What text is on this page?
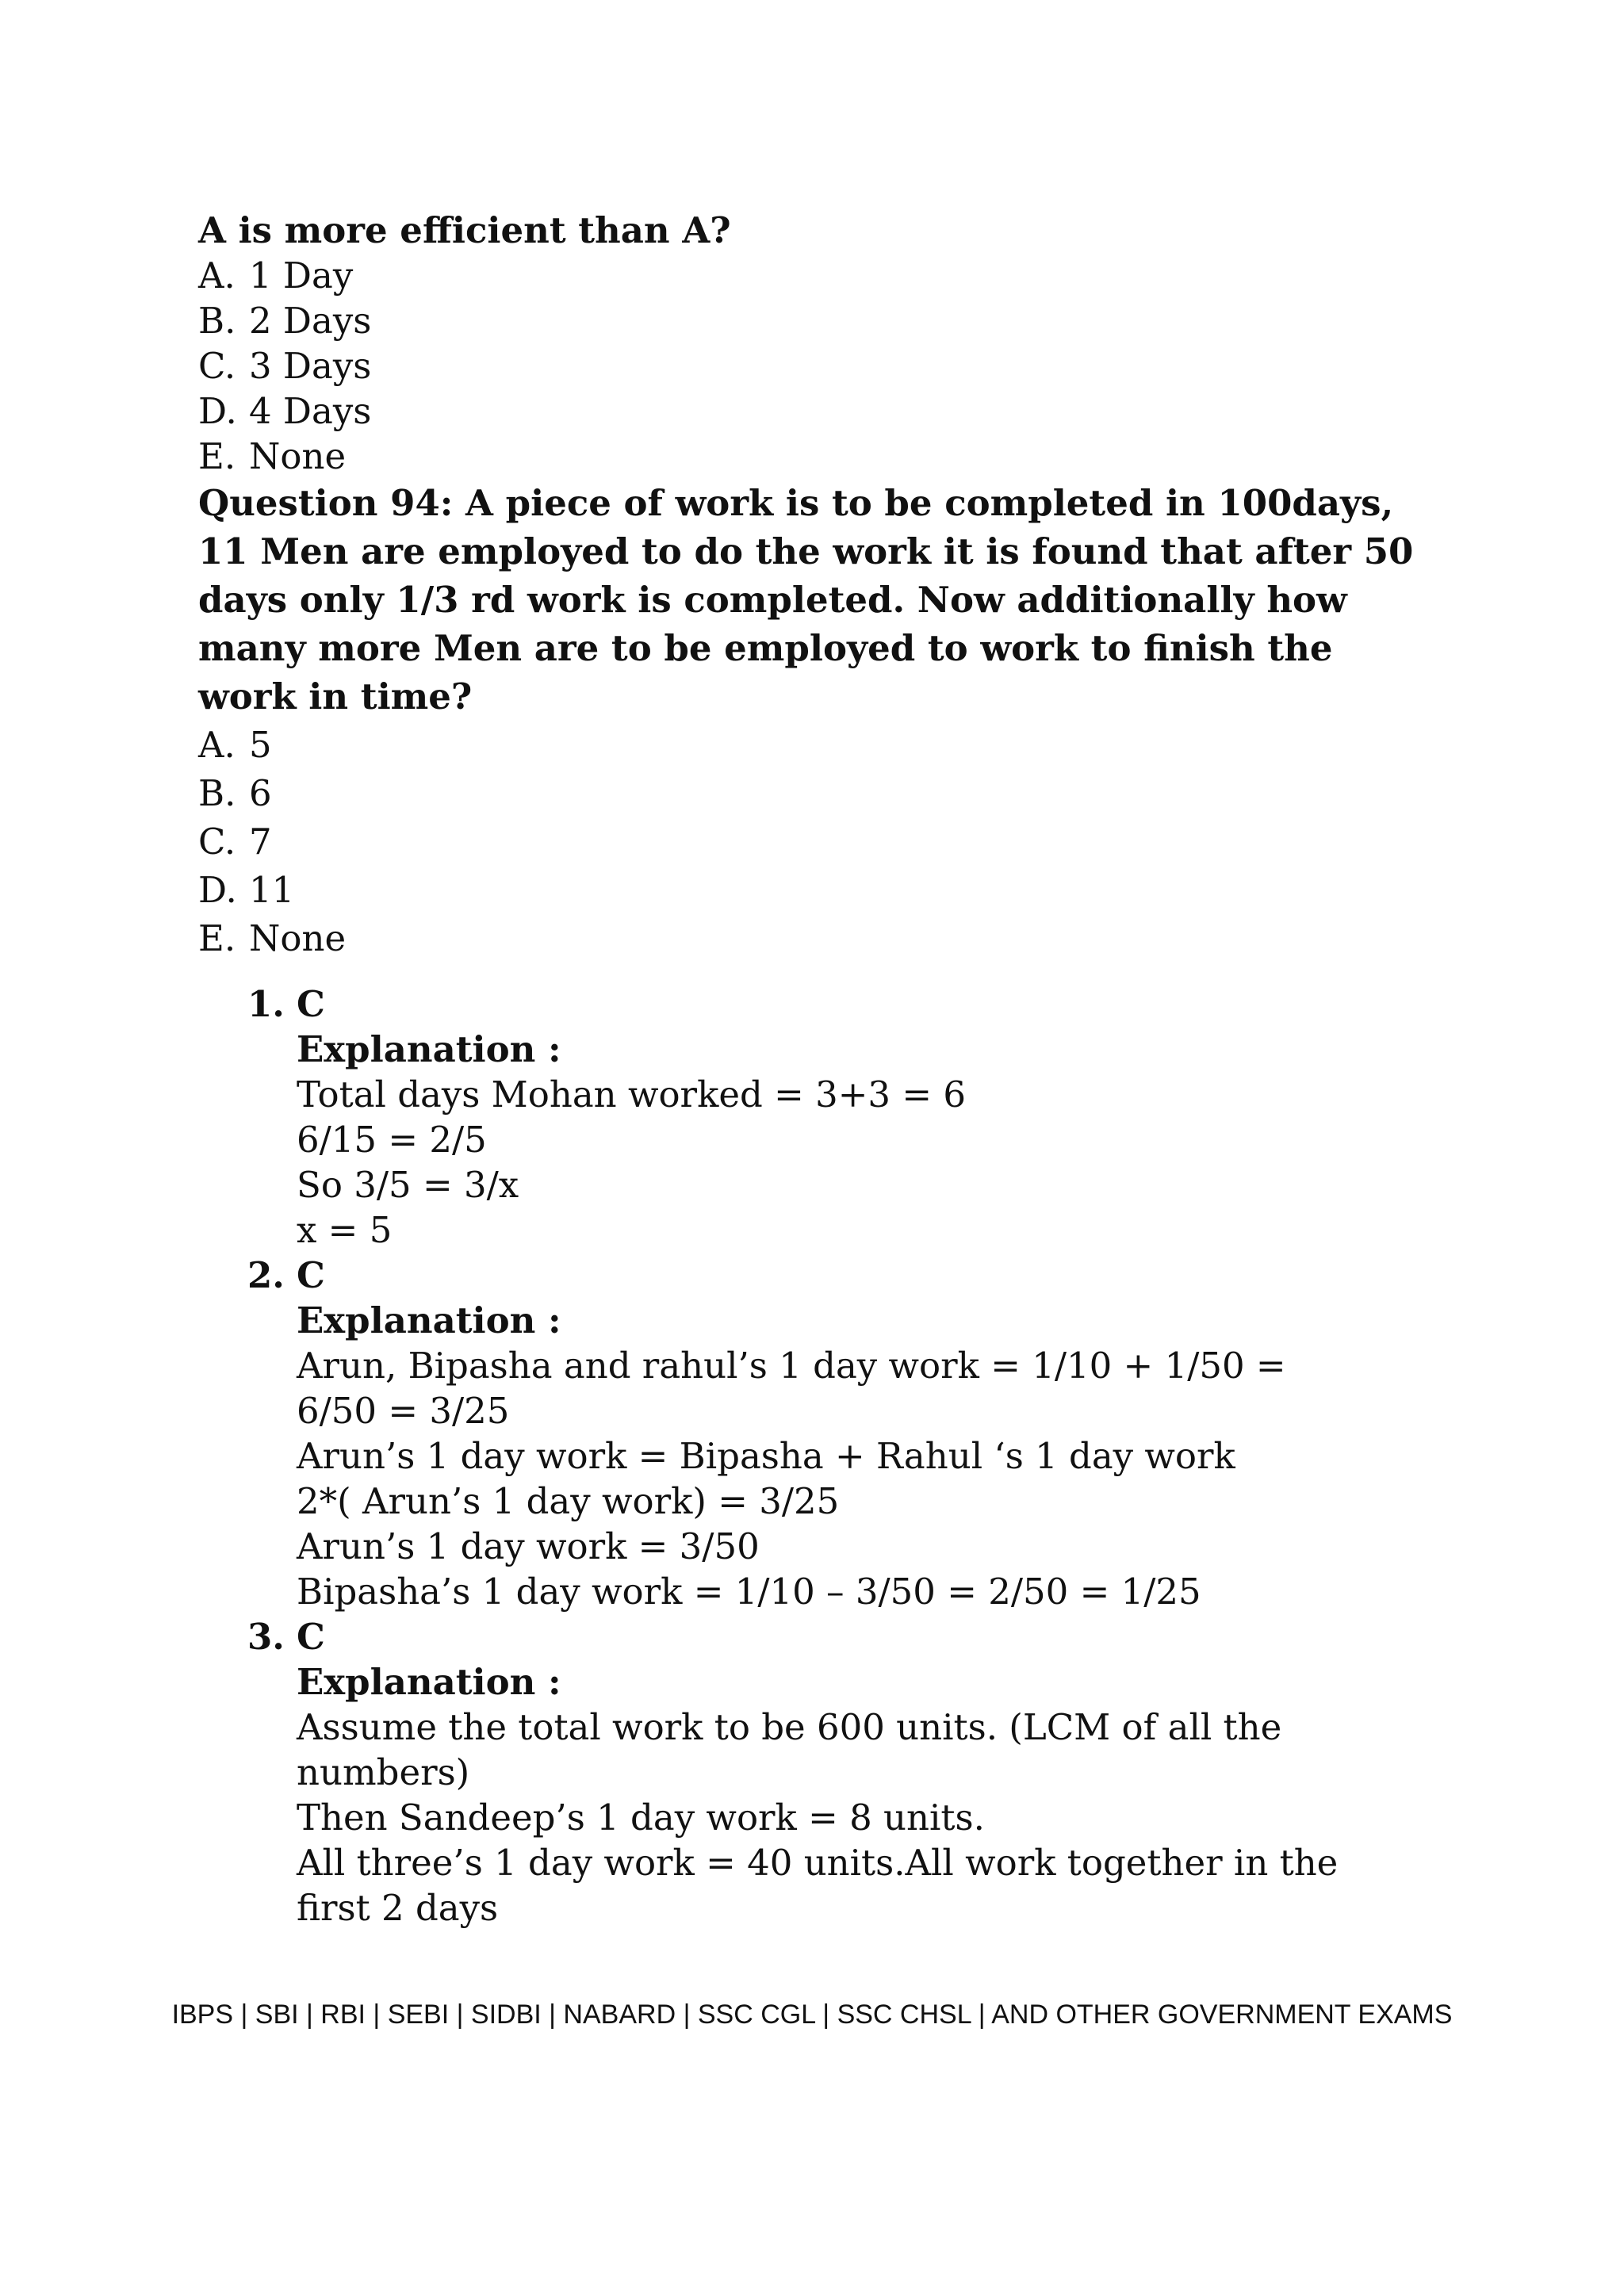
A is more efficient than A?
A. 1 Day
B. 2 Days
C. 3 Days
D. 4 Days
E. None
Question 94: A piece of work is to be completed in 100days,
11 Men are employed to do the work it is found that after 50
days only 1/3 rd work is completed. Now additionally how
many more Men are to be employed to work to finish the
work in time?
A. 5
B. 6
C. 7
D. 11
E. None
1. C
Explanation :
Total days Mohan worked = 3+3 = 6
6/15 = 2/5
So 3/5 = 3/x
x = 5
2. C
Explanation :
Arun, Bipasha and rahul’s 1 day work = 1/10 + 1/50 =
6/50 = 3/25
Arun’s 1 day work = Bipasha + Rahul ‘s 1 day work
2*( Arun’s 1 day work) = 3/25
Arun’s 1 day work = 3/50
Bipasha’s 1 day work = 1/10 – 3/50 = 2/50 = 1/25
3. C
Explanation :
Assume the total work to be 600 units. (LCM of all the
numbers)
Then Sandeep’s 1 day work = 8 units.
All three’s 1 day work = 40 units.All work together in the
first 2 days
IBPS | SBI | RBI | SEBI | SIDBI | NABARD | SSC CGL | SSC CHSL | AND OTHER GOVERNMENT EXAMS
